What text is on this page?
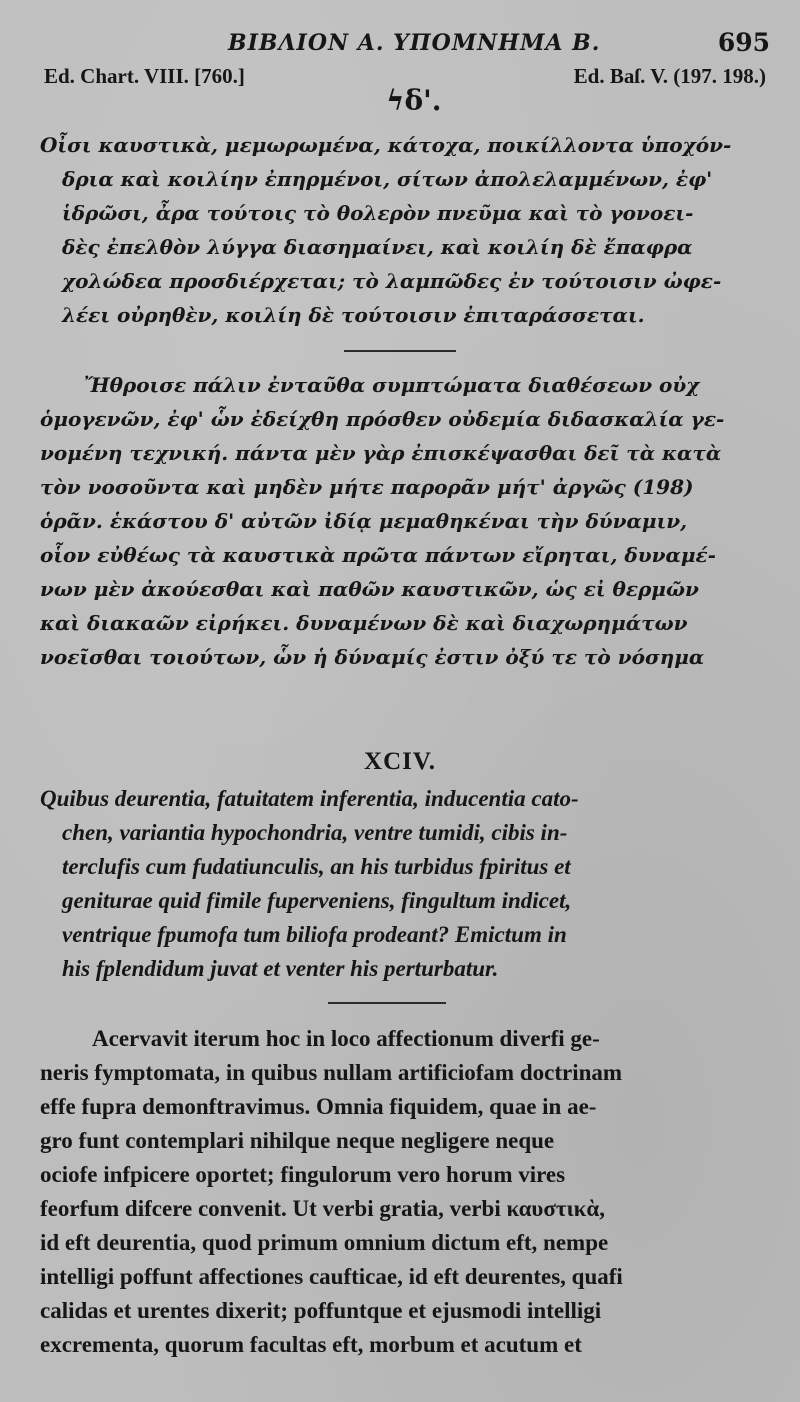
ΒΙΒΛΙΟΝ Α. ΥΠΟΜΝΗΜΑ Β.	695
Ed. Chart. VIII. [760.]	Ed. Baſ. V. (197. 198.)
ϟδ'.
Οἶσι καυστικὰ, μεμωρωμένα, κάτοχα, ποικίλλοντα ὑποχόν-
δρια καὶ κοιλίην ἐπηρμένοι, σίτων ἀπολελαμμένων, ἐφ'
ἱδρῶσι, ἆρα τούτοις τὸ θολερὸν πνεῦμα καὶ τὸ γονοει-
δὲς ἐπελθὸν λύγγα διασημαίνει, καὶ κοιλίη δὲ ἔπαφρα
χολώδεα προσδιέρχεται; τὸ λαμπῶδες ἐν τούτοισιν ὠφε-
λέει οὐρηθὲν, κοιλίη δὲ τούτοισιν ἐπιταράσσεται.
Ἤθροισε πάλιν ἐνταῦθα συμπτώματα διαθέσεων οὐχ
ὁμογενῶν, ἐφ' ὧν ἐδείχθη πρόσθεν οὐδεμία διδασκαλία γε-
νομένη τεχνική. πάντα μὲν γὰρ ἐπισκέψασθαι δεῖ τὰ κατὰ
τὸν νοσοῦντα καὶ μηδὲν μήτε παρορᾶν μήτ' ἀργῶς (198)
ὁρᾶν. ἑκάστου δ' αὐτῶν ἰδίᾳ μεμαθηκέναι τὴν δύναμιν,
οἷον εὐθέως τὰ καυστικὰ πρῶτα πάντων εἴρηται, δυναμέ-
νων μὲν ἀκούεσθαι καὶ παθῶν καυστικῶν, ὡς εἰ θερμῶν
καὶ διακαῶν εἰρήκει. δυναμένων δὲ καὶ διαχωρημάτων
νοεῖσθαι τοιούτων, ὧν ἡ δύναμίς ἐστιν ὀξύ τε τὸ νόσημα
XCIV.
Quibus deurentia, fatuitatem inferentia, inducentia cato-
chen, variantia hypochondria, ventre tumidi, cibis in-
terclufis cum fudatiunculis, an his turbidus fpiritus et
geniturae quid fimile fuperveniens, fingultum indicet,
ventrique fpumofa tum biliofa prodeant? Emictum in
his fplendidum juvat et venter his perturbatur.
Acervavit iterum hoc in loco affectionum diverfi ge-
neris fymptomata, in quibus nullam artificiofam doctrinam
effe fupra demonftravimus. Omnia fiquidem, quae in ae-
gro funt contemplari nihilque neque negligere neque
ociofe infpicere oportet; fingulorum vero horum vires
feorfum difcere convenit. Ut verbi gratia, verbi καυστικὰ,
id eft deurentia, quod primum omnium dictum eft, nempe
intelligi poffunt affectiones caufticae, id eft deurentes, quafi
calidas et urentes dixerit; poffuntque et ejusmodi intelligi
excrementa, quorum facultas eft, morbum et acutum et
